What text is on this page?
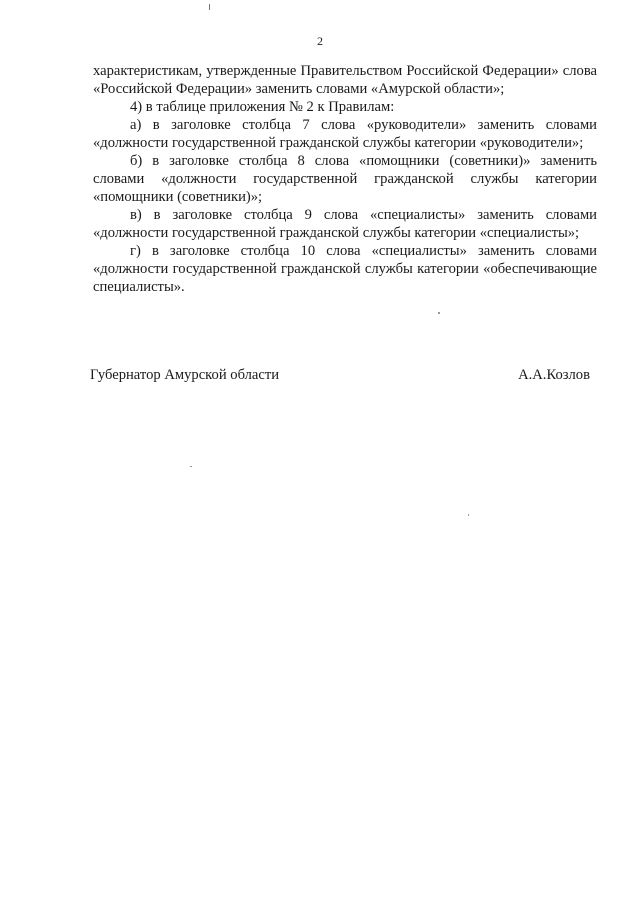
2

характеристикам, утвержденные Правительством Российской Федерации» слова «Российской Федерации» заменить словами «Амурской области»;

4) в таблице приложения № 2 к Правилам:

а) в заголовке столбца 7 слова «руководители» заменить словами «должности государственной гражданской службы категории «руководители»;

б) в заголовке столбца 8 слова «помощники (советники)» заменить словами «должности государственной гражданской службы категории «помощники (советники)»;

в) в заголовке столбца 9 слова «специалисты» заменить словами «должности государственной гражданской службы категории «специалисты»;

г) в заголовке столбца 10 слова «специалисты» заменить словами «должности государственной гражданской службы категории «обеспечивающие специалисты».

Губернатор Амурской области	А.А.Козлов
